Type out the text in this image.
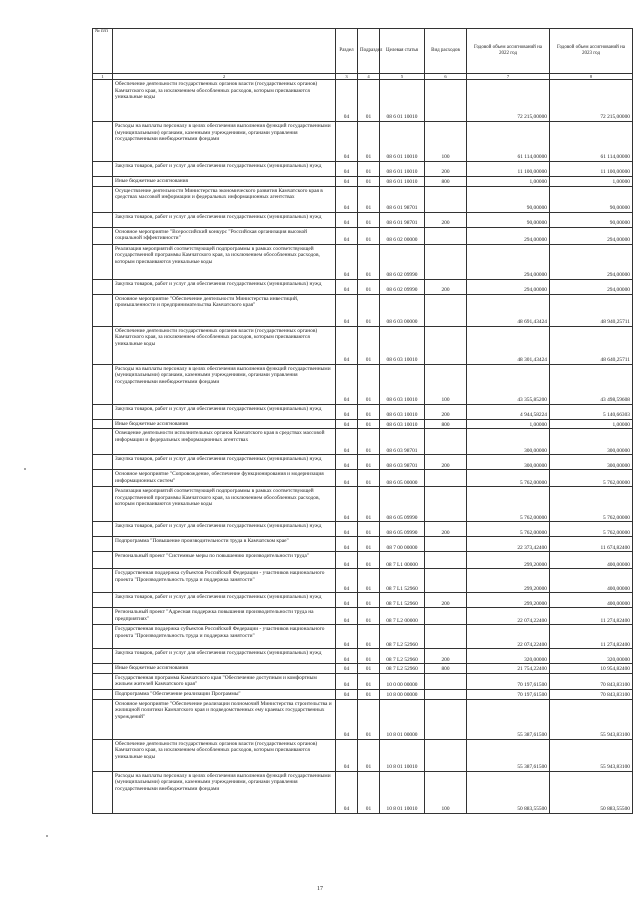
№ п/п		Раздел	Подраздел	Целевая статья	Вид расходов	Годовой объем ассигнований на 2022 год	Годовой объем ассигнований на 2023 год
1	2	3	4	5	6	7	8
	Обеспечение деятельности государственных органов власти (государственных органов) Камчатского края, за исключением обособленных расходов, которым присваиваются уникальные коды	04	01	08 6 01 10010		72 215,00000	72 215,00000
	Расходы на выплаты персоналу в целях обеспечения выполнения функций государственными (муниципальными) органами, казенными учреждениями, органами управления государственными внебюджетными фондами	04	01	08 6 01 10010	100	61 114,00000	61 114,00000
	Закупка товаров, работ и услуг для обеспечения государственных (муниципальных) нужд	04	01	08 6 01 10010	200	11 100,00000	11 100,00000
	Иные бюджетные ассигнования	04	01	08 6 01 10010	800	1,00000	1,00000
	Осуществление деятельности Министерства экономического развития Камчатского края в средствах массовой информации и федеральных информационных агентствах	04	01	08 6 01 98701		90,00000	90,00000
	Закупка товаров, работ и услуг для обеспечения государственных (муниципальных) нужд	04	01	08 6 01 98701	200	90,00000	90,00000
	Основное мероприятие "Всероссийский конкурс "Российская организация высокой социальной эффективности"	04	01	08 6 02 00000		294,00000	294,00000
	Реализация мероприятий соответствующей подпрограммы в рамках соответствующей государственной программы Камчатского края, за исключением обособленных расходов, которым присваиваются уникальные коды	04	01	08 6 02 09990		294,00000	294,00000
	Закупка товаров, работ и услуг для обеспечения государственных (муниципальных) нужд	04	01	08 6 02 09990	200	294,00000	294,00000
	Основное мероприятие "Обеспечение деятельности Министерства инвестиций, промышленности и предпринимательства Камчатского края"	04	01	08 6 03 00000		48 691,43424	48 940,25711
	Обеспечение деятельности государственных органов власти (государственных органов) Камчатского края, за исключением обособленных расходов, которым присваиваются уникальные коды	04	01	08 6 03 10010		48 301,43424	48 640,25711
	Расходы на выплаты персоналу в целях обеспечения выполнения функций государственными (муниципальными) органами, казенными учреждениями, органами управления государственными внебюджетными фондами	04	01	08 6 03 10010	100	43 355,85200	43 498,59608
	Закупка товаров, работ и услуг для обеспечения государственных (муниципальных) нужд	04	01	08 6 03 10010	200	4 944,58224	5 140,66303
	Иные бюджетные ассигнования	04	01	08 6 03 10010	800	1,00000	1,00000
	Освещение деятельности исполнительных органов Камчатского края в средствах массовой информации и федеральных информационных агентствах	04	01	08 6 03 98701		300,00000	300,00000
	Закупка товаров, работ и услуг для обеспечения государственных (муниципальных) нужд	04	01	08 6 03 98701	200	300,00000	300,00000
	Основное мероприятие "Сопровождение, обеспечение функционирования и модернизация информационных систем"	04	01	08 6 05 00000		5 762,00000	5 762,00000
	Реализация мероприятий соответствующей подпрограммы в рамках соответствующей государственной программы Камчатского края, за исключением обособленных расходов, которым присваиваются уникальные коды	04	01	08 6 05 09990		5 762,00000	5 762,00000
	Закупка товаров, работ и услуг для обеспечения государственных (муниципальных) нужд	04	01	08 6 05 09990	200	5 762,00000	5 762,00000
	Подпрограмма "Повышение производительности труда в Камчатском крае"	04	01	08 7 00 00000		22 373,42400	11 674,82400
	Региональный проект "Системные меры по повышению производительности труда"	04	01	08 7 L1 00000		299,20000	400,00000
	Государственная поддержка субъектов Российской Федерации - участников национального проекта "Производительность труда и поддержка занятости"	04	01	08 7 L1 52960		299,20000	400,00000
	Закупка товаров, работ и услуг для обеспечения государственных (муниципальных) нужд	04	01	08 7 L1 52960	200	299,20000	400,00000
	Региональный проект "Адресная поддержка повышения производительности труда на предприятиях"	04	01	08 7 L2 00000		22 074,22400	11 274,82400
	Государственная поддержка субъектов Российской Федерации - участников национального проекта "Производительность труда и поддержка занятости"	04	01	08 7 L2 52960		22 074,22400	11 274,82400
	Закупка товаров, работ и услуг для обеспечения государственных (муниципальных) нужд	04	01	08 7 L2 52960	200	320,00000	320,00000
	Иные бюджетные ассигнования	04	01	08 7 L2 52960	800	21 754,22400	10 954,82400
	Государственная программа Камчатского края "Обеспечение доступным и комфортным жильем жителей Камчатского края"	04	01	10 0 00 00000		70 197,61500	70 843,83100
	Подпрограмма "Обеспечение реализации Программы"	04	01	10 8 00 00000		70 197,61500	70 843,83100
	Основное мероприятие "Обеспечение реализации полномочий Министерства строительства и жилищной политики Камчатского края и подведомственных ему краевых государственных учреждений"	04	01	10 8 01 00000		55 387,61500	55 943,83100
	Обеспечение деятельности государственных органов власти (государственных органов) Камчатского края, за исключением обособленных расходов, которым присваиваются уникальные коды	04	01	10 8 01 10010		55 387,61500	55 943,83100
	Расходы на выплаты персоналу в целях обеспечения выполнения функций государственными (муниципальными) органами, казенными учреждениями, органами управления государственными внебюджетными фондами	04	01	10 8 01 10010	100	50 883,55500	50 883,55500
17
